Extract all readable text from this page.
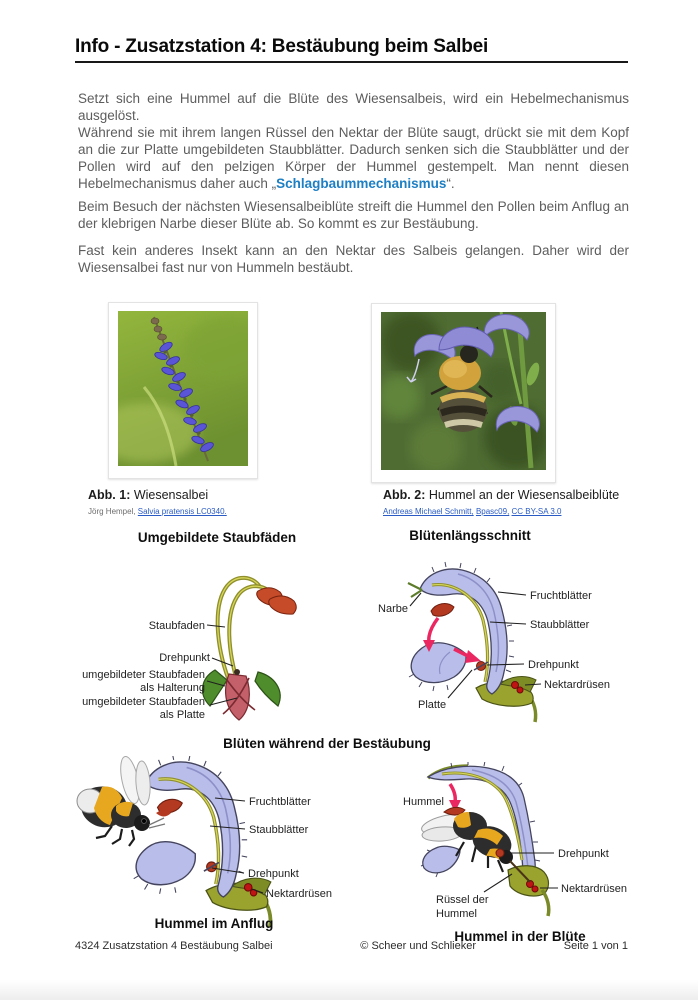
Info - Zusatzstation 4: Bestäubung beim Salbei

Setzt sich eine Hummel auf die Blüte des Wiesensalbeis, wird ein Hebelmechanismus ausgelöst.

Während sie mit ihrem langen Rüssel den Nektar der Blüte saugt, drückt sie mit dem Kopf an die zur Platte umgebildeten Staubblätter. Dadurch senken sich die Staubblätter und der Pollen wird auf den pelzigen Körper der Hummel gestempelt. Man nennt diesen Hebelmechanismus daher auch „Schlagbaummechanismus“.

Beim Besuch der nächsten Wiesensalbeiblüte streift die Hummel den Pollen beim Anflug an der klebrigen Narbe dieser Blüte ab. So kommt es zur Bestäubung.

Fast kein anderes Insekt kann an den Nektar des Salbeis gelangen. Daher wird der Wiesensalbei fast nur von Hummeln bestäubt.

Abb. 1: Wiesensalbei
Jörg Hempel, Salvia pratensis LC0340.
Abb. 2: Hummel an der Wiesensalbeiblüte
Andreas Michael Schmitt, Bpasc09, CC BY-SA 3.0
Umgebildete Staubfäden	Blütenlängsschnitt
Staubfaden
Drehpunkt
umgebildeter Staubfaden
als Halterung
umgebildeter Staubfaden
als Platte
Narbe
Fruchtblätter
Staubblätter
Drehpunkt
Nektardrüsen
Platte
Blüten während der Bestäubung
Fruchtblätter
Staubblätter
Drehpunkt
Nektardrüsen
Hummel
Drehpunkt
Nektardrüsen
Rüssel der
Hummel
Hummel im Anflug
Hummel in der Blüte
4324 Zusatzstation 4 Bestäubung Salbei	© Scheer und Schlieker	Seite 1 von 1
